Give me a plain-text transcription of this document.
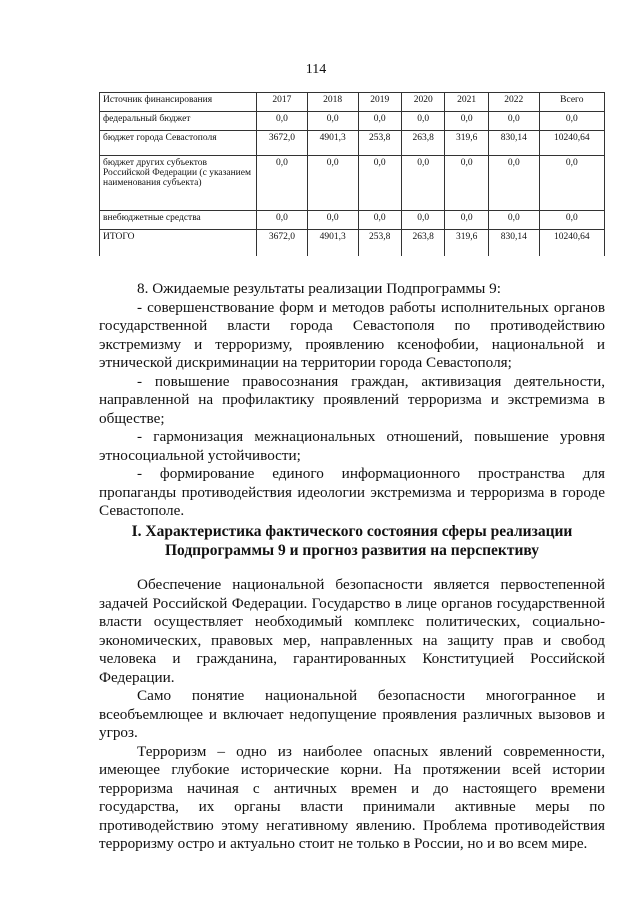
114
Источник финансирования	2017	2018	2019	2020	2021	2022	Всего
федеральный бюджет	0,0	0,0	0,0	0,0	0,0	0,0	0,0
бюджет города Севастополя	3672,0	4901,3	253,8	263,8	319,6	830,14	10240,64
бюджет других субъектов Российской Федерации (с указанием наименования субъекта)	0,0	0,0	0,0	0,0	0,0	0,0	0,0
внебюджетные средства	0,0	0,0	0,0	0,0	0,0	0,0	0,0
ИТОГО	3672,0	4901,3	253,8	263,8	319,6	830,14	10240,64

8. Ожидаемые результаты реализации Подпрограммы 9:

- совершенствование форм и методов работы исполнительных органов государственной власти города Севастополя по противодействию экстремизму и терроризму, проявлению ксенофобии, национальной и этнической дискриминации на территории города Севастополя;

- повышение правосознания граждан, активизация деятельности, направленной на профилактику проявлений терроризма и экстремизма в обществе;

- гармонизация межнациональных отношений, повышение уровня этносоциальной устойчивости;

- формирование единого информационного пространства для пропаганды противодействия идеологии экстремизма и терроризма в городе Севастополе.

I. Характеристика фактического состояния сферы реализации
Подпрограммы 9 и прогноз развития на перспективу

Обеспечение национальной безопасности является первостепенной задачей Российской Федерации. Государство в лице органов государственной власти осуществляет необходимый комплекс политических, социально-экономических, правовых мер, направленных на защиту прав и свобод человека и гражданина, гарантированных Конституцией Российской Федерации.

Само понятие национальной безопасности многогранное и всеобъемлющее и включает недопущение проявления различных вызовов и угроз.

Терроризм – одно из наиболее опасных явлений современности, имеющее глубокие исторические корни. На протяжении всей истории терроризма начиная с античных времен и до настоящего времени государства, их органы власти принимали активные меры по противодействию этому негативному явлению. Проблема противодействия терроризму остро и актуально стоит не только в России, но и во всем мире.
